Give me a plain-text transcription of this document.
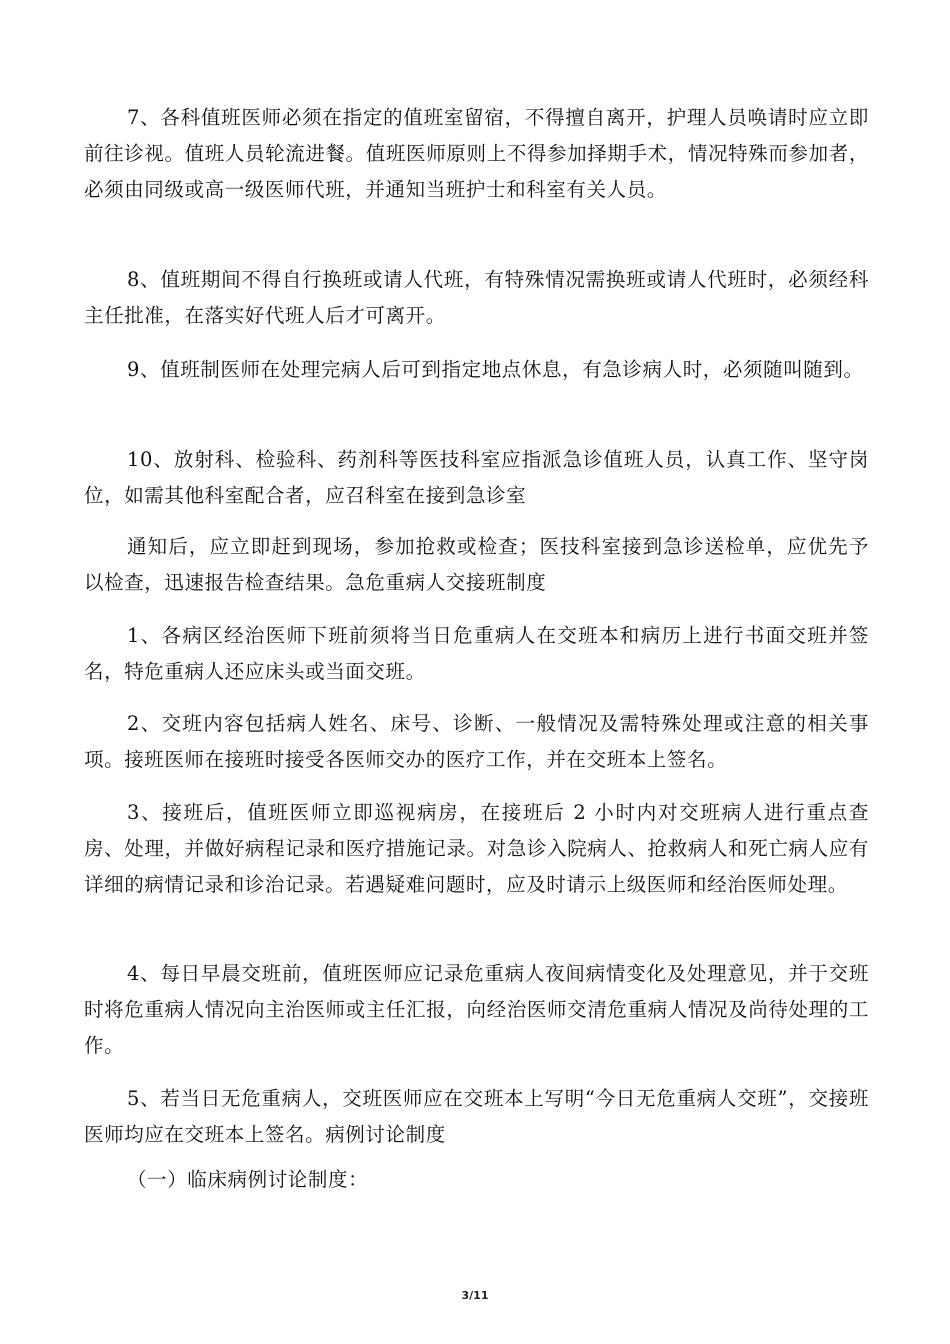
7、各科值班医师必须在指定的值班室留宿，不得擅自离开，护理人员唤请时应立即前往诊视。值班人员轮流进餐。值班医师原则上不得参加择期手术，情况特殊而参加者，必须由同级或高一级医师代班，并通知当班护士和科室有关人员。

8、值班期间不得自行换班或请人代班，有特殊情况需换班或请人代班时，必须经科主任批准，在落实好代班人后才可离开。

9、值班制医师在处理完病人后可到指定地点休息，有急诊病人时，必须随叫随到。

10、放射科、检验科、药剂科等医技科室应指派急诊值班人员，认真工作、坚守岗位，如需其他科室配合者，应召科室在接到急诊室

通知后，应立即赶到现场，参加抢救或检查；医技科室接到急诊送检单，应优先予以检查，迅速报告检查结果。急危重病人交接班制度

1、各病区经治医师下班前须将当日危重病人在交班本和病历上进行书面交班并签名，特危重病人还应床头或当面交班。

2、交班内容包括病人姓名、床号、诊断、一般情况及需特殊处理或注意的相关事项。接班医师在接班时接受各医师交办的医疗工作，并在交班本上签名。

3、接班后，值班医师立即巡视病房，在接班后 2 小时内对交班病人进行重点查房、处理，并做好病程记录和医疗措施记录。对急诊入院病人、抢救病人和死亡病人应有详细的病情记录和诊治记录。若遇疑难问题时，应及时请示上级医师和经治医师处理。

4、每日早晨交班前，值班医师应记录危重病人夜间病情变化及处理意见，并于交班时将危重病人情况向主治医师或主任汇报，向经治医师交清危重病人情况及尚待处理的工作。

5、若当日无危重病人，交班医师应在交班本上写明“今日无危重病人交班”，交接班医师均应在交班本上签名。病例讨论制度

（一）临床病例讨论制度：

3/11
